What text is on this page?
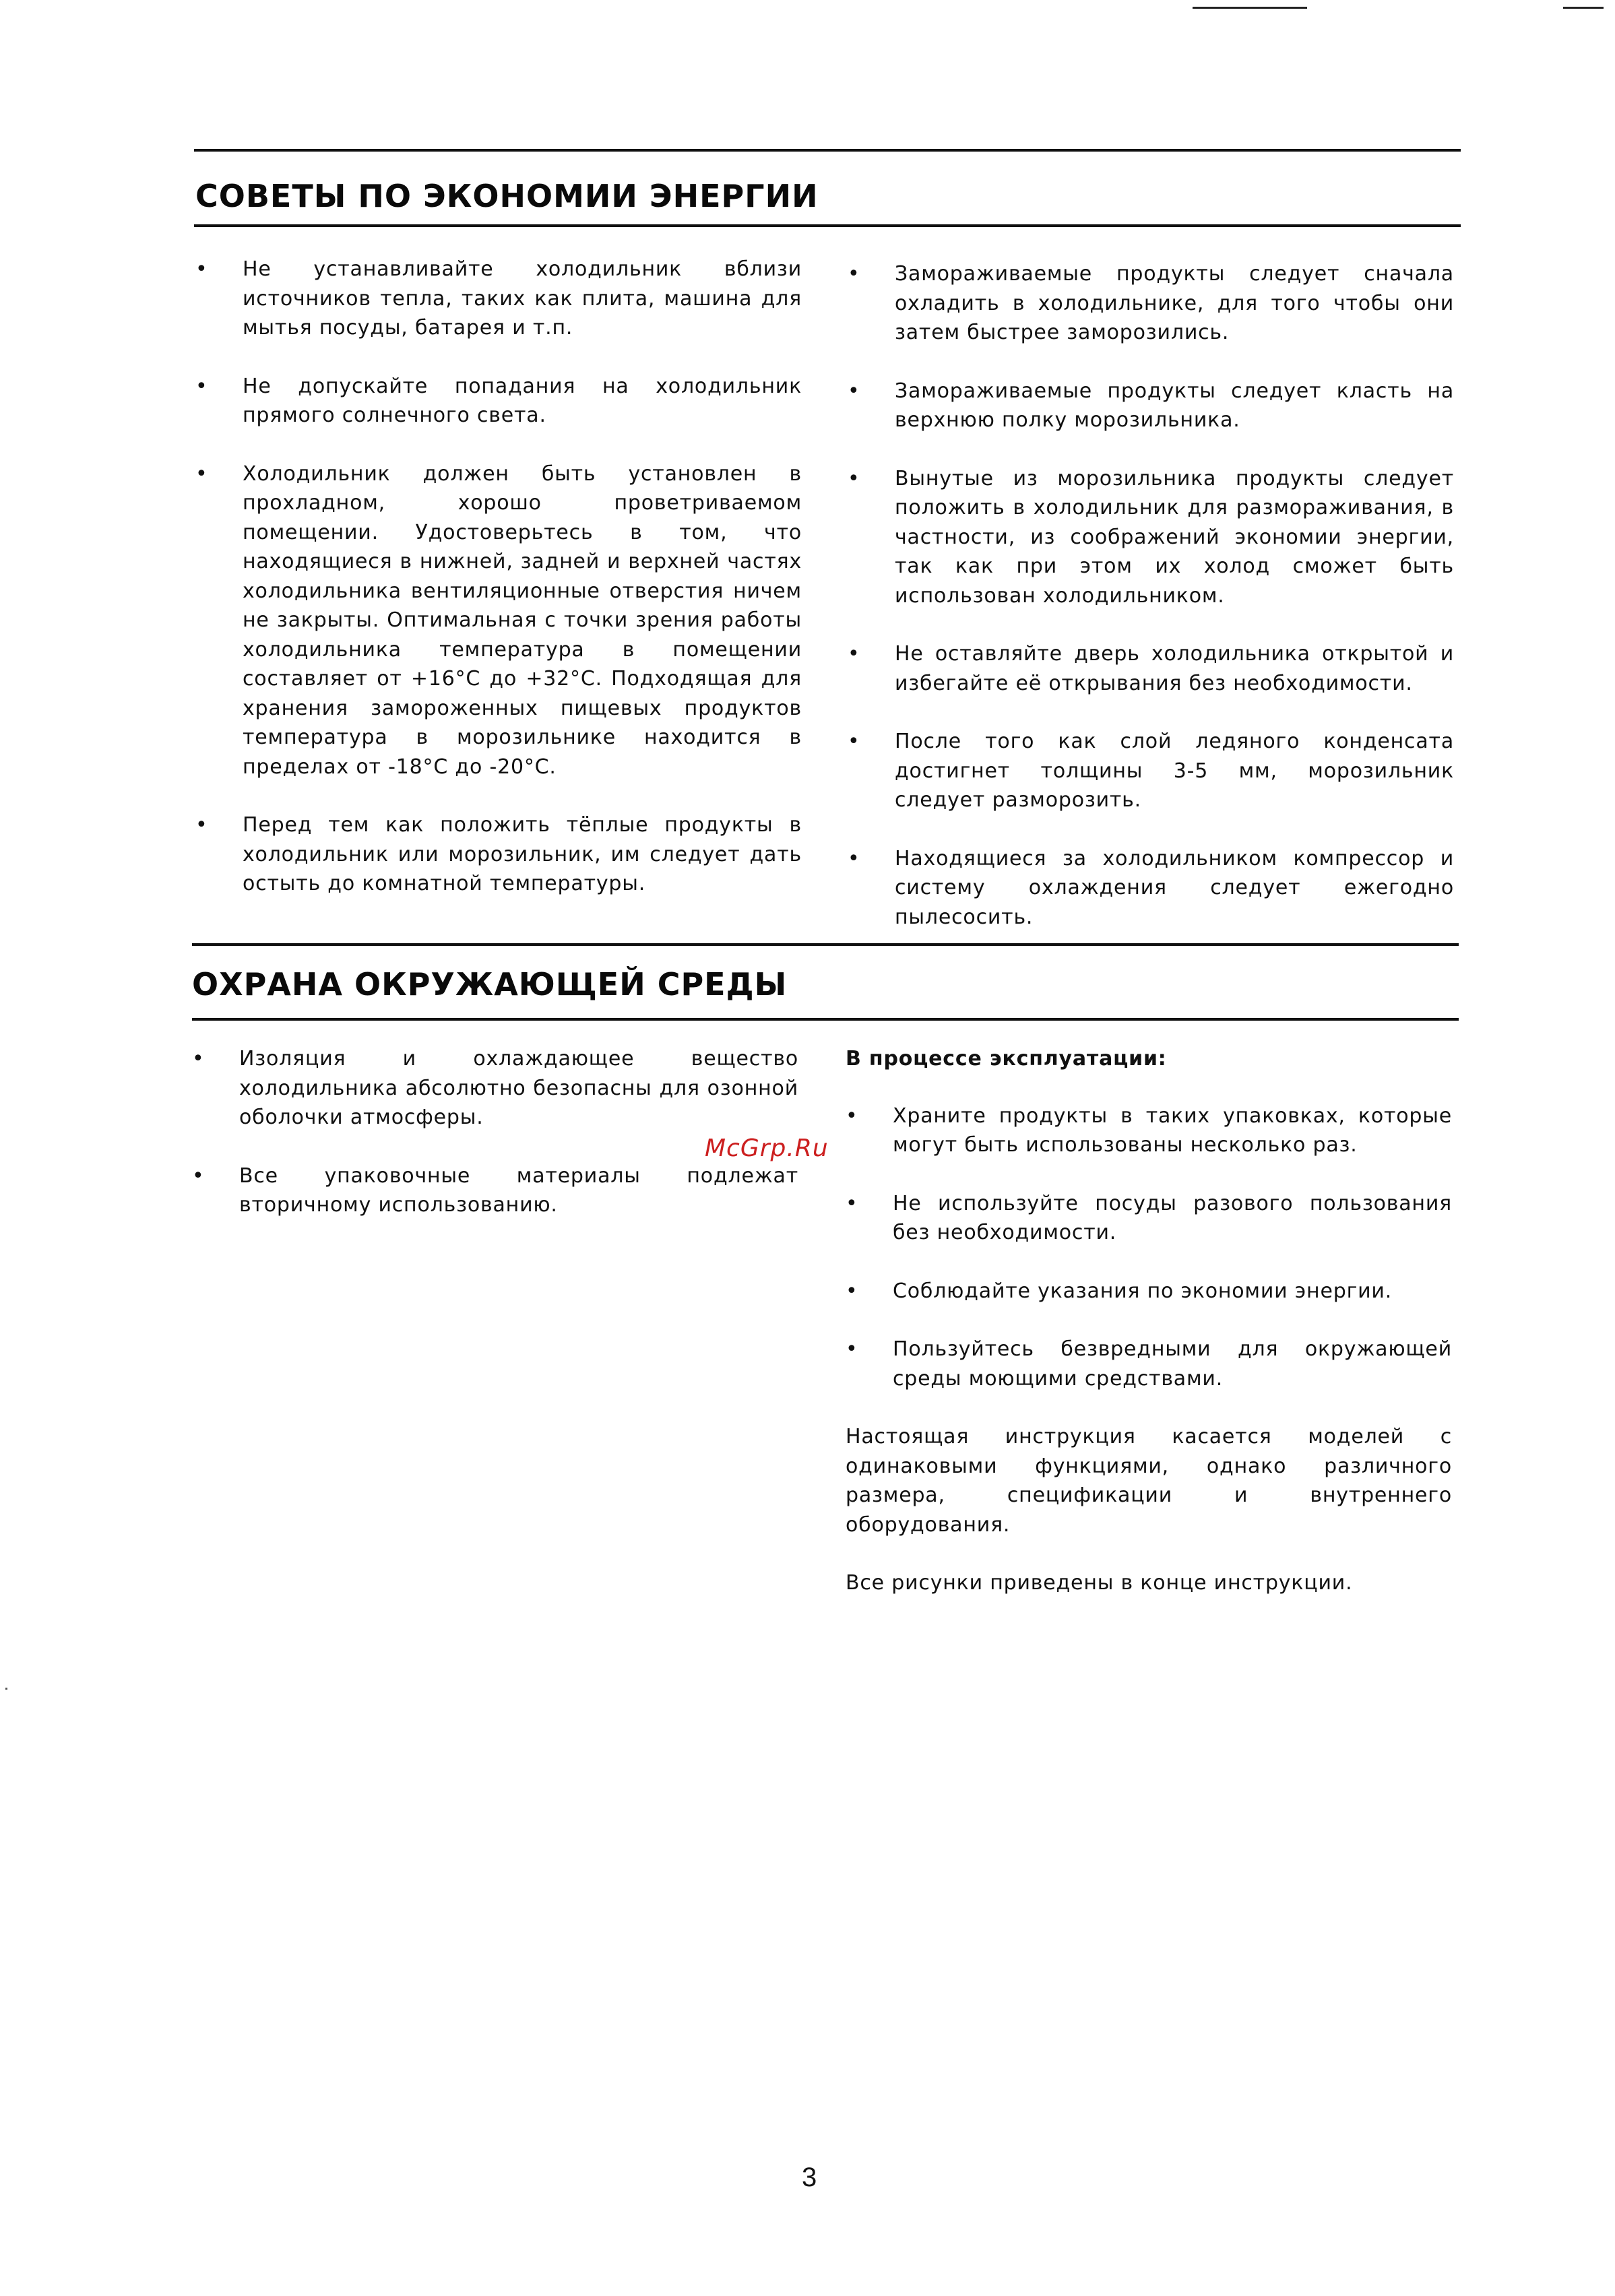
СОВЕТЫ ПО ЭКОНОМИИ ЭНЕРГИИ
•	Не устанавливайте холодильник вблизи источников тепла, таких как плита, машина для мытья посуды, батарея и т.п.
•	Не допускайте попадания на холодильник прямого солнечного света.
•	Холодильник должен быть установлен в прохладном, хорошо проветриваемом помещении. Удостоверьтесь в том, что находящиеся в нижней, задней и верхней частях холодильника вентиляционные отверстия ничем не закрыты. Оптимальная с точки зрения работы холодильника температура в помещении составляет от +16°C до +32°C. Подходящая для хранения замороженных пищевых продуктов температура в морозильнике находится в пределах от -18°C до -20°C.
•	Перед тем как положить тёплые продукты в холодильник или морозильник, им следует дать остыть до комнатной температуры.
•	Замораживаемые продукты следует сначала охладить в холодильнике, для того чтобы они затем быстрее заморозились.
•	Замораживаемые продукты следует класть на верхнюю полку морозильника.
•	Вынутые из морозильника продукты следует положить в холодильник для размораживания, в частности, из соображений экономии энергии, так как при этом их холод сможет быть использован холодильником.
•	Не оставляйте дверь холодильника открытой и избегайте её открывания без необходимости.
•	После того как слой ледяного конденсата достигнет толщины 3-5 мм, морозильник следует разморозить.
•	Находящиеся за холодильником компрессор и систему охлаждения следует ежегодно пылесосить.
ОХРАНА ОКРУЖАЮЩЕЙ СРЕДЫ
•	Изоляция и охлаждающее вещество холодильника абсолютно безопасны для озонной оболочки атмосферы.
•	Все упаковочные материалы подлежат вторичному использованию.
В процессе эксплуатации:
•	Храните продукты в таких упаковках, которые могут быть использованы несколько раз.
•	Не используйте посуды разового пользования без необходимости.
•	Соблюдайте указания по экономии энергии.
•	Пользуйтесь безвредными для окружающей среды моющими средствами.

Настоящая инструкция касается моделей с одинаковыми функциями, однако различного размера, спецификации и внутреннего оборудования.

Все рисунки приведены в конце инструкции.

McGrp.Ru
3
